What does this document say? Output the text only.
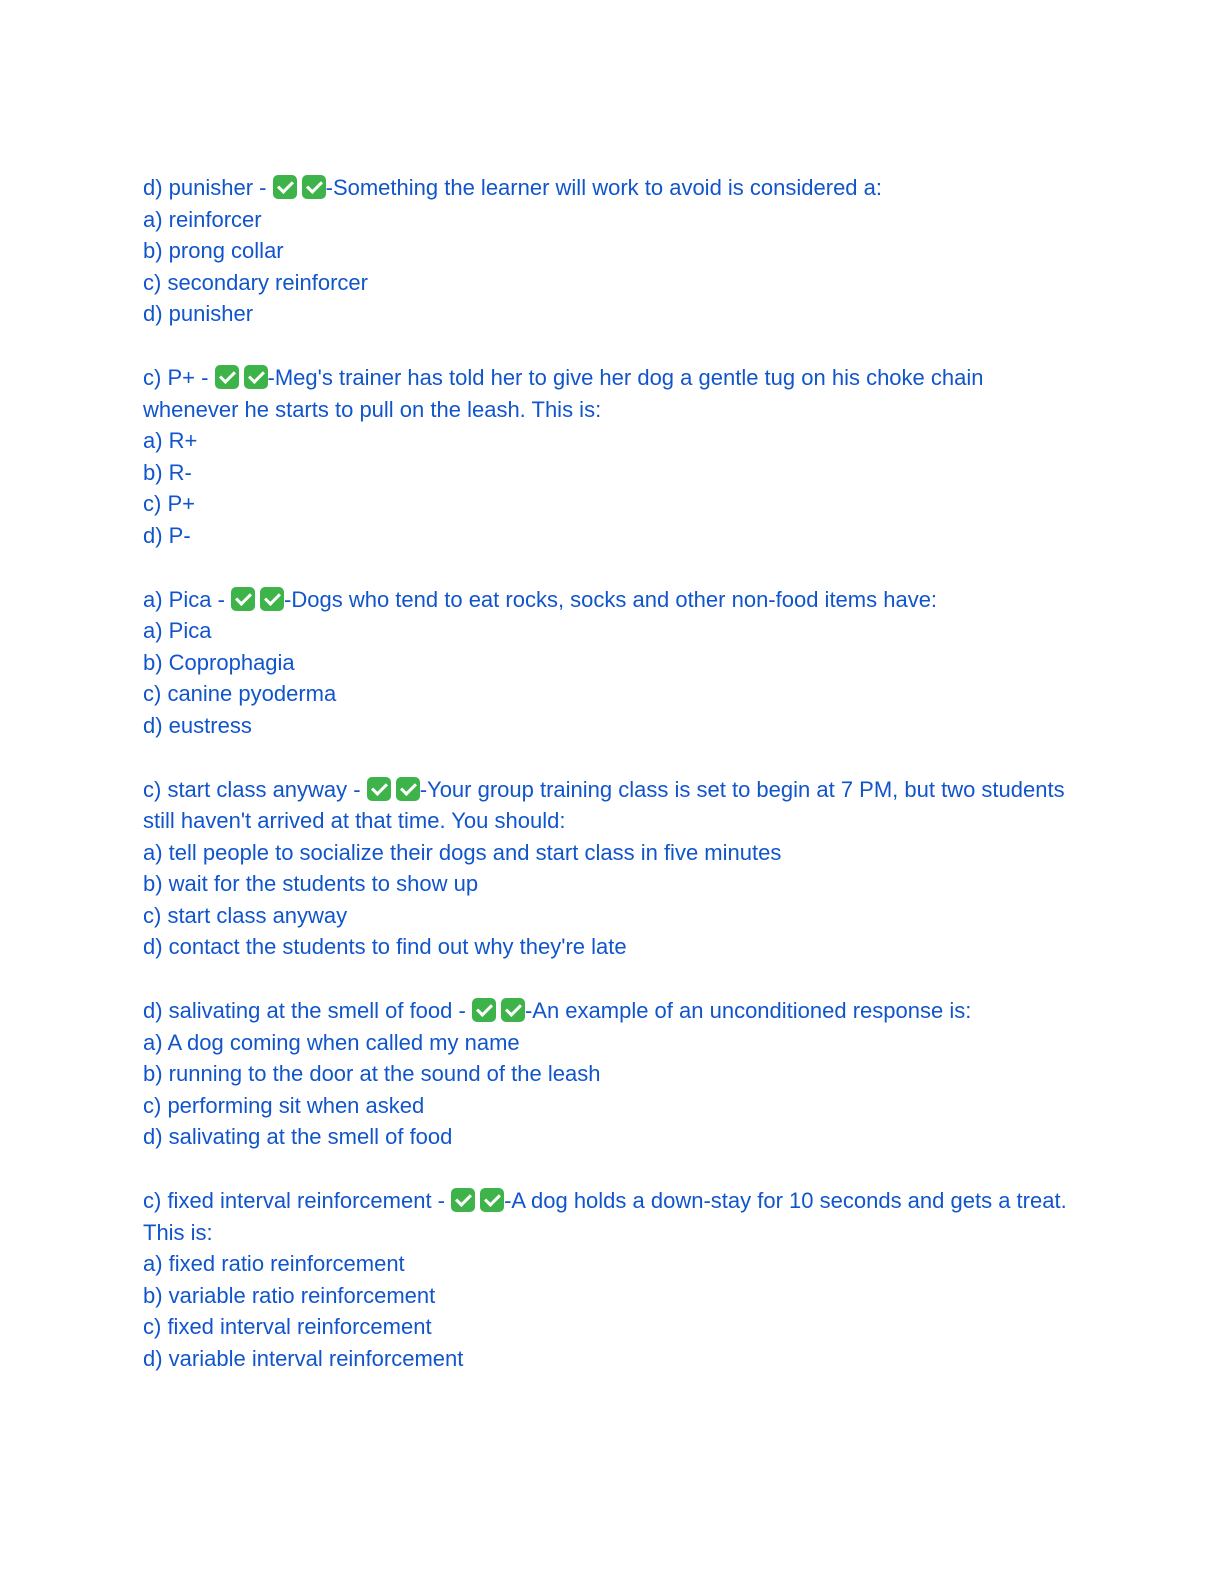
d) punisher - -Something the learner will work to avoid is considered a:
a) reinforcer
b) prong collar
c) secondary reinforcer
d) punisher
c) P+ - -Meg's trainer has told her to give her dog a gentle tug on his choke chain whenever he starts to pull on the leash. This is:
a) R+
b) R-
c) P+
d) P-
a) Pica - -Dogs who tend to eat rocks, socks and other non-food items have:
a) Pica
b) Coprophagia
c) canine pyoderma
d) eustress
c) start class anyway - -Your group training class is set to begin at 7 PM, but two students still haven't arrived at that time. You should:
a) tell people to socialize their dogs and start class in five minutes
b) wait for the students to show up
c) start class anyway
d) contact the students to find out why they're late
d) salivating at the smell of food - -An example of an unconditioned response is:
a) A dog coming when called my name
b) running to the door at the sound of the leash
c) performing sit when asked
d) salivating at the smell of food
c) fixed interval reinforcement - -A dog holds a down-stay for 10 seconds and gets a treat. This is:
a) fixed ratio reinforcement
b) variable ratio reinforcement
c) fixed interval reinforcement
d) variable interval reinforcement
